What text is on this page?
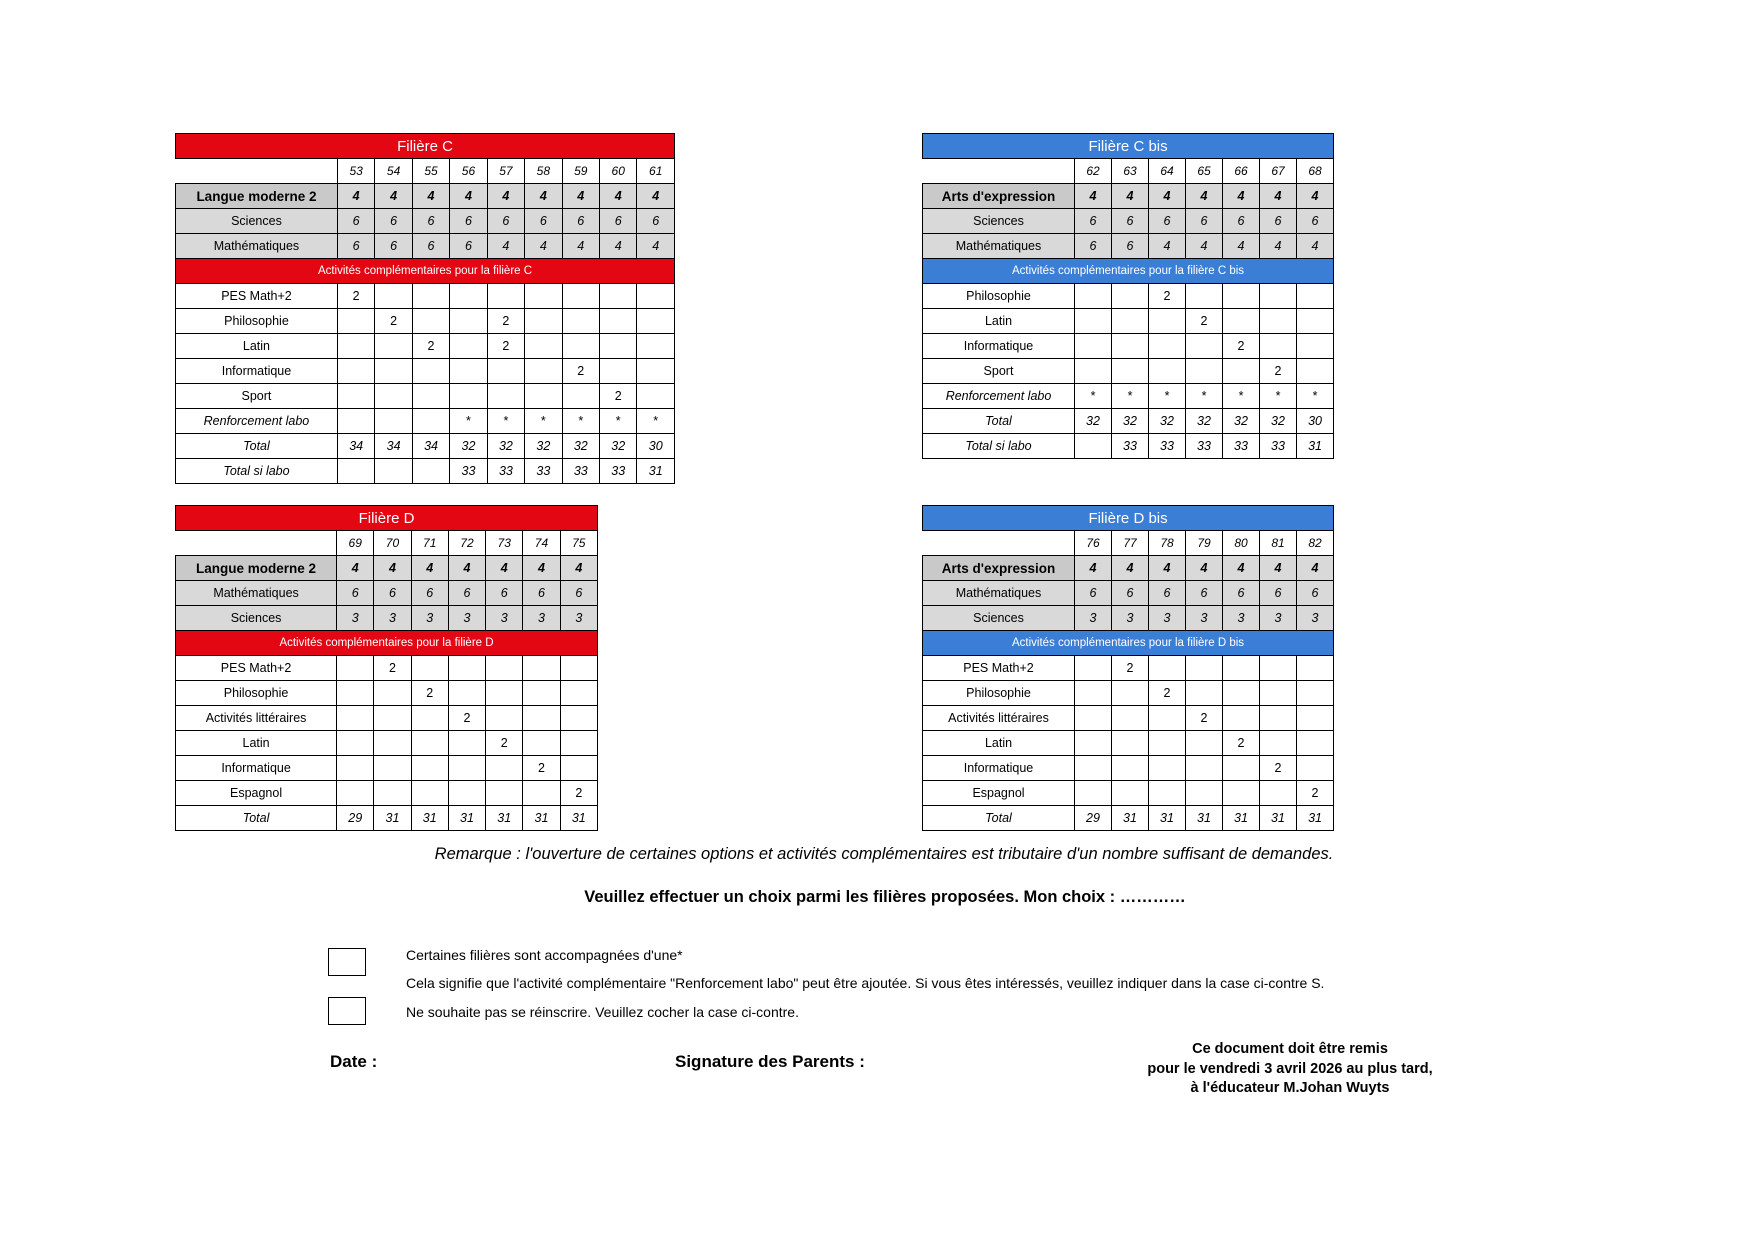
Filière C									
	53	54	55	56	57	58	59	60	61
Langue moderne 2	4	4	4	4	4	4	4	4	4
Sciences	6	6	6	6	6	6	6	6	6
Mathématiques	6	6	6	6	4	4	4	4	4
Activités complémentaires pour la filière C									
PES Math+2	2								
Philosophie		2			2				
Latin			2		2				
Informatique							2		
Sport								2	
Renforcement labo				*	*	*	*	*	*
Total	34	34	34	32	32	32	32	32	30
Total si labo				33	33	33	33	33	31
Filière C bis							
	62	63	64	65	66	67	68
Arts d'expression	4	4	4	4	4	4	4
Sciences	6	6	6	6	6	6	6
Mathématiques	6	6	4	4	4	4	4
Activités complémentaires pour la filière C bis							
Philosophie			2				
Latin				2			
Informatique					2		
Sport						2	
Renforcement labo	*	*	*	*	*	*	*
Total	32	32	32	32	32	32	30
Total si labo		33	33	33	33	33	31
Filière D							
	69	70	71	72	73	74	75
Langue moderne 2	4	4	4	4	4	4	4
Mathématiques	6	6	6	6	6	6	6
Sciences	3	3	3	3	3	3	3
Activités complémentaires pour la filière D							
PES Math+2		2					
Philosophie			2				
Activités littéraires				2			
Latin					2		
Informatique						2	
Espagnol							2
Total	29	31	31	31	31	31	31
Filière D bis							
	76	77	78	79	80	81	82
Arts d'expression	4	4	4	4	4	4	4
Mathématiques	6	6	6	6	6	6	6
Sciences	3	3	3	3	3	3	3
Activités complémentaires pour la filière D bis							
PES Math+2		2					
Philosophie			2				
Activités littéraires				2			
Latin					2		
Informatique						2	
Espagnol							2
Total	29	31	31	31	31	31	31
Remarque : l'ouverture de certaines options et activités complémentaires est tributaire d'un nombre suffisant de demandes.
Veuillez effectuer un choix parmi les filières proposées. Mon choix : …………
Certaines filières sont accompagnées d'une*
Cela signifie que l'activité complémentaire "Renforcement labo" peut être ajoutée. Si vous êtes intéressés, veuillez indiquer dans la case ci-contre S.
Ne souhaite pas se réinscrire. Veuillez cocher la case ci-contre.
Date :	Signature des Parents :
Ce document doit être remis
pour le vendredi 3 avril 2026 au plus tard,
à l'éducateur M.Johan Wuyts
